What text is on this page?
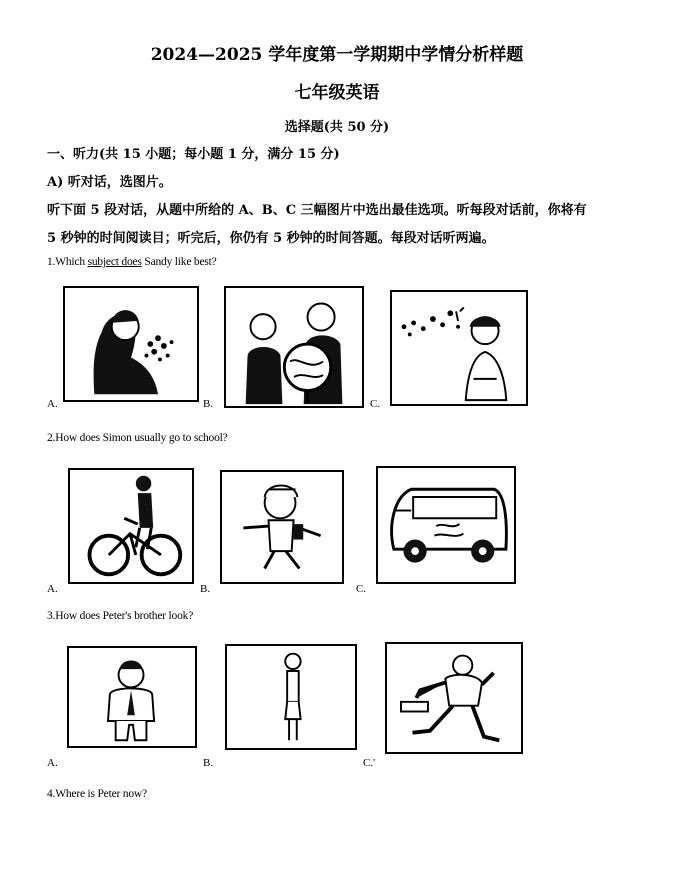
2024—2025 学年度第一学期期中学情分析样题
七年级英语
选择题(共 50 分)
一、听力(共 15 小题；每小题 1 分，满分 15 分)
A) 听对话，选图片。
听下面 5 段对话，从题中所给的 A、B、C 三幅图片中选出最佳选项。听每段对话前，你将有
5 秒钟的时间阅读目；听完后，你仍有 5 秒钟的时间答题。每段对话听两遍。
1.Which subject does Sandy like best?
A.	B.	C.
2.How does Simon usually go to school?
A.	B.	C.
3.How does Peter's brother look?
A.	B.	C.'
4.Where is Peter now?
